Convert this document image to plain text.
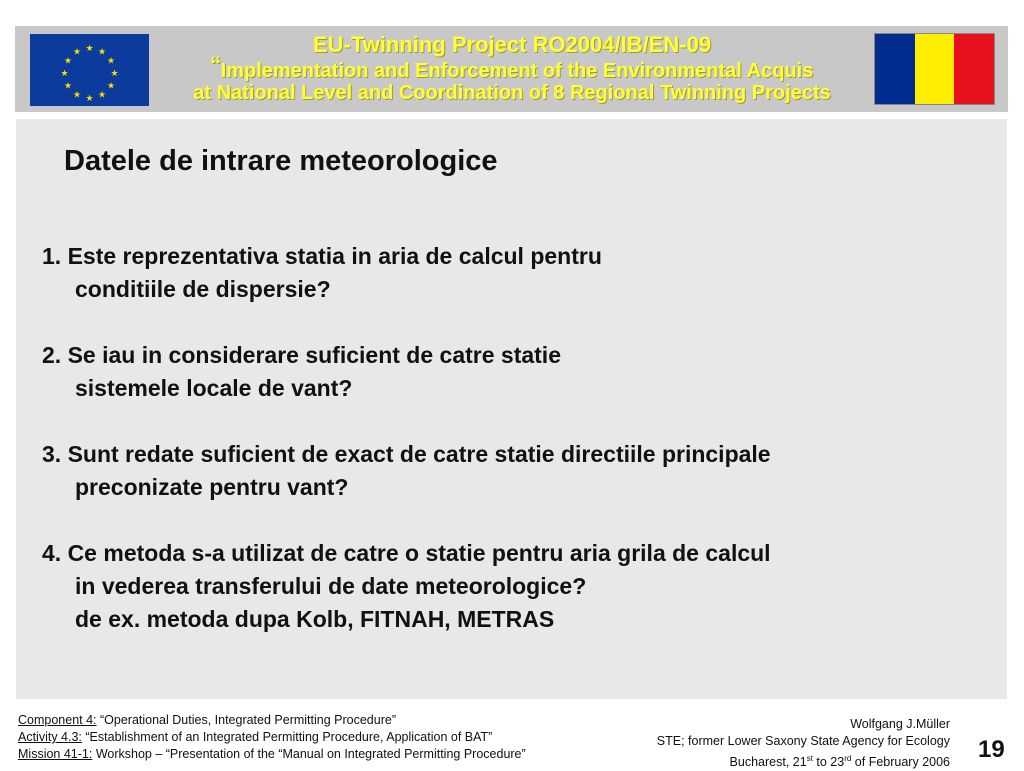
★ ★
★
★
★
★
★
★
★
★
★
★	EU-Twinning Project RO2004/IB/EN-09
“Implementation and Enforcement of the Environmental Acquis
at National Level and Coordination of 8 Regional Twinning Projects
Datele de intrare meteorologice
1. Este reprezentativa statia in aria de calcul pentru
conditiile de dispersie?
2. Se iau in considerare suficient de catre statie
sistemele locale de vant?
3. Sunt redate suficient de exact de catre statie directiile principale
preconizate pentru vant?
4. Ce metoda s-a utilizat de catre o statie pentru aria grila de calcul
in vederea transferului de date meteorologice?
de ex. metoda dupa Kolb, FITNAH, METRAS
Component 4: “Operational Duties, Integrated Permitting Procedure”
Activity 4.3: “Establishment of an Integrated Permitting Procedure, Application of BAT”
Mission 41-1: Workshop – “Presentation of the “Manual on Integrated Permitting Procedure”
Wolfgang J.Müller
STE; former Lower Saxony State Agency for Ecology
Bucharest, 21st to 23rd of February 2006 19
